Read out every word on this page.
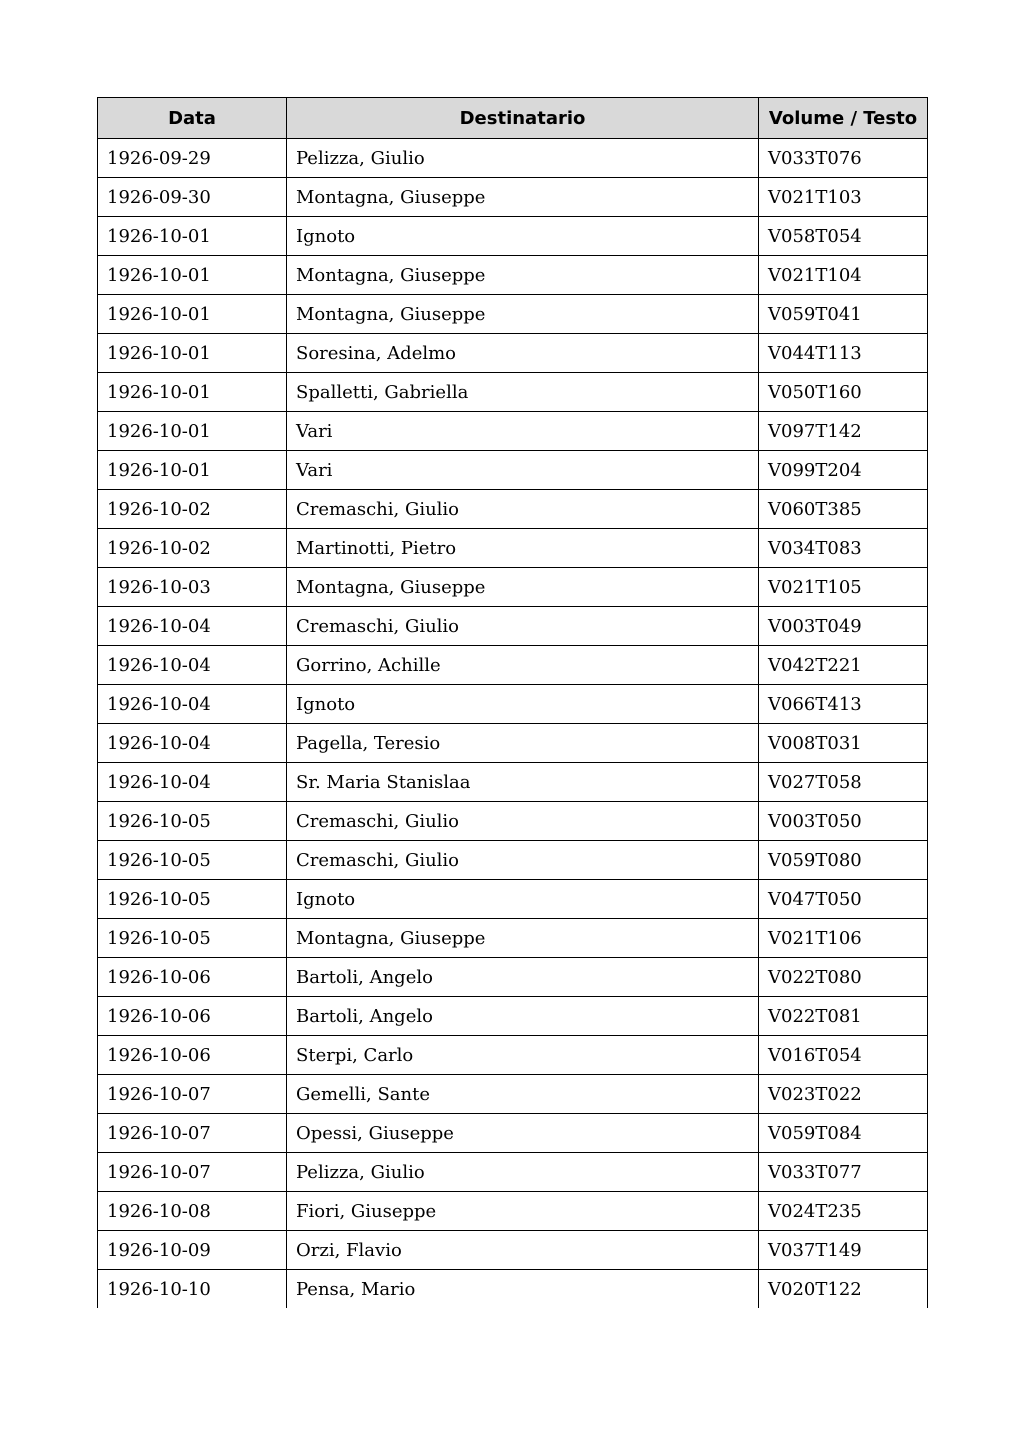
Data	Destinatario	Volume / Testo
1926-09-29	Pelizza, Giulio	V033T076
1926-09-30	Montagna, Giuseppe	V021T103
1926-10-01	Ignoto	V058T054
1926-10-01	Montagna, Giuseppe	V021T104
1926-10-01	Montagna, Giuseppe	V059T041
1926-10-01	Soresina, Adelmo	V044T113
1926-10-01	Spalletti, Gabriella	V050T160
1926-10-01	Vari	V097T142
1926-10-01	Vari	V099T204
1926-10-02	Cremaschi, Giulio	V060T385
1926-10-02	Martinotti, Pietro	V034T083
1926-10-03	Montagna, Giuseppe	V021T105
1926-10-04	Cremaschi, Giulio	V003T049
1926-10-04	Gorrino, Achille	V042T221
1926-10-04	Ignoto	V066T413
1926-10-04	Pagella, Teresio	V008T031
1926-10-04	Sr. Maria Stanislaa	V027T058
1926-10-05	Cremaschi, Giulio	V003T050
1926-10-05	Cremaschi, Giulio	V059T080
1926-10-05	Ignoto	V047T050
1926-10-05	Montagna, Giuseppe	V021T106
1926-10-06	Bartoli, Angelo	V022T080
1926-10-06	Bartoli, Angelo	V022T081
1926-10-06	Sterpi, Carlo	V016T054
1926-10-07	Gemelli, Sante	V023T022
1926-10-07	Opessi, Giuseppe	V059T084
1926-10-07	Pelizza, Giulio	V033T077
1926-10-08	Fiori, Giuseppe	V024T235
1926-10-09	Orzi, Flavio	V037T149
1926-10-10	Pensa, Mario	V020T122
